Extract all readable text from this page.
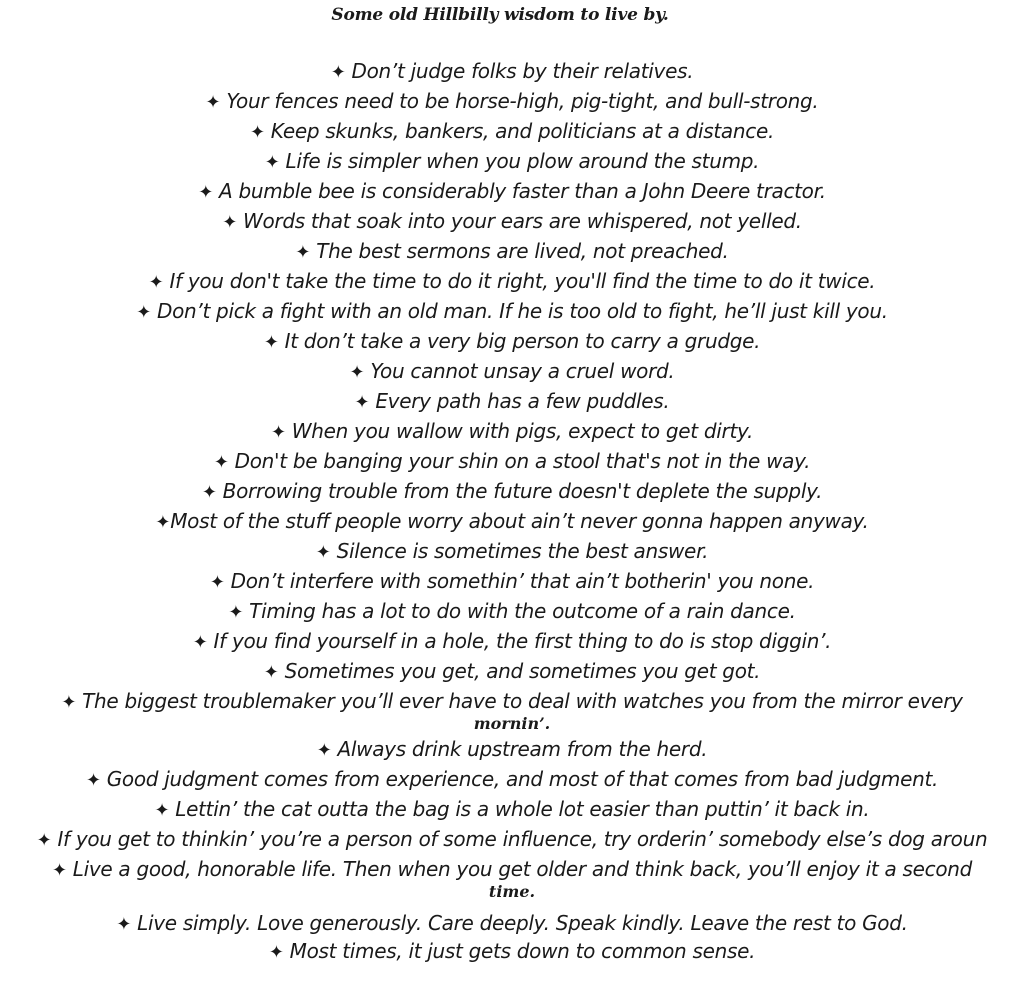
Some old Hillbilly wisdom to live by.
✦ Don’t judge folks by their relatives.
✦ Your fences need to be horse-high, pig-tight, and bull-strong.
✦ Keep skunks, bankers, and politicians at a distance.
✦ Life is simpler when you plow around the stump.
✦ A bumble bee is considerably faster than a John Deere tractor.
✦ Words that soak into your ears are whispered, not yelled.
✦ The best sermons are lived, not preached.
✦ If you don't take the time to do it right, you'll find the time to do it twice.
✦ Don’t pick a fight with an old man. If he is too old to fight, he’ll just kill you.
✦ It don’t take a very big person to carry a grudge.
✦ You cannot unsay a cruel word.
✦ Every path has a few puddles.
✦ When you wallow with pigs, expect to get dirty.
✦ Don't be banging your shin on a stool that's not in the way.
✦ Borrowing trouble from the future doesn't deplete the supply.
✦Most of the stuff people worry about ain’t never gonna happen anyway.
✦ Silence is sometimes the best answer.
✦ Don’t interfere with somethin’ that ain’t botherin' you none.
✦ Timing has a lot to do with the outcome of a rain dance.
✦ If you find yourself in a hole, the first thing to do is stop diggin’.
✦ Sometimes you get, and sometimes you get got.
✦ The biggest troublemaker you’ll ever have to deal with watches you from the mirror every
mornin’.
✦ Always drink upstream from the herd.
✦ Good judgment comes from experience, and most of that comes from bad judgment.
✦ Lettin’ the cat outta the bag is a whole lot easier than puttin’ it back in.
✦ If you get to thinkin’ you’re a person of some influence, try orderin’ somebody else’s dog aroun
✦ Live a good, honorable life. Then when you get older and think back, you’ll enjoy it a second
time.
✦ Live simply. Love generously. Care deeply. Speak kindly. Leave the rest to God.
✦ Most times, it just gets down to common sense.
